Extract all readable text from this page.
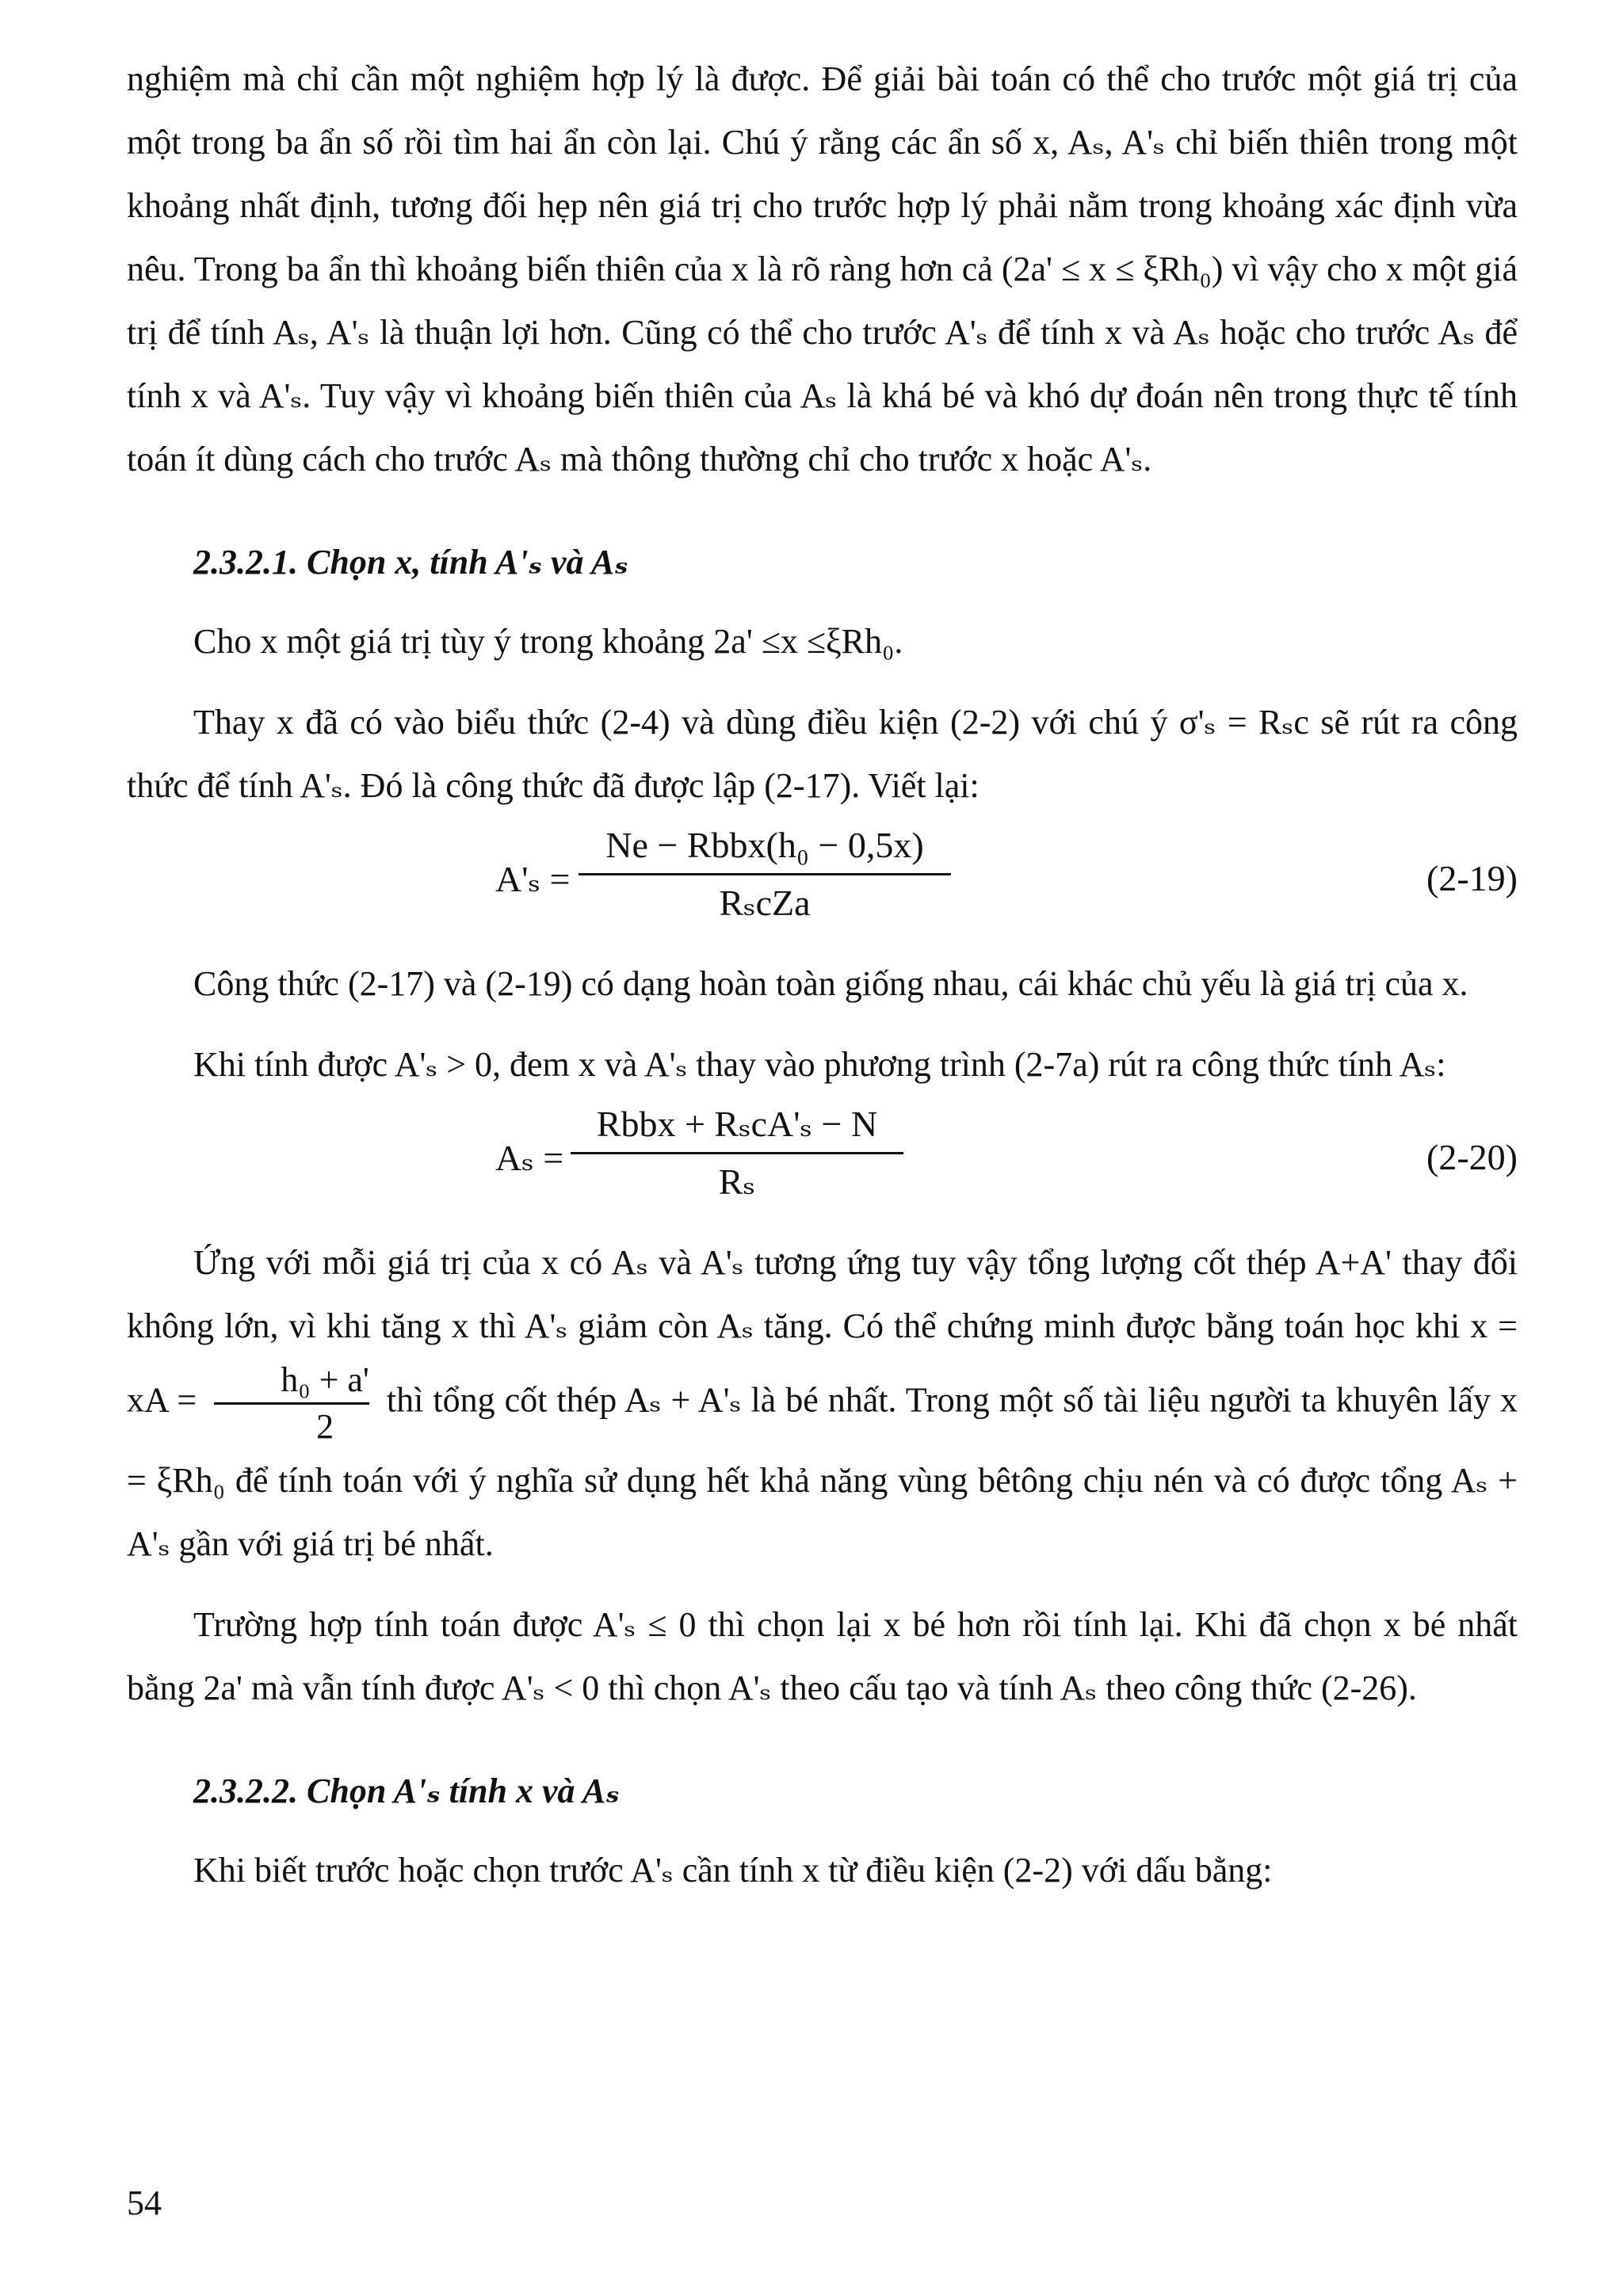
nghiệm mà chỉ cần một nghiệm hợp lý là được. Để giải bài toán có thể cho trước một giá trị của một trong ba ẩn số rồi tìm hai ẩn còn lại. Chú ý rằng các ẩn số x, Aₛ, A'ₛ chỉ biến thiên trong một khoảng nhất định, tương đối hẹp nên giá trị cho trước hợp lý phải nằm trong khoảng xác định vừa nêu. Trong ba ẩn thì khoảng biến thiên của x là rõ ràng hơn cả (2a' ≤ x ≤ ξRh₀) vì vậy cho x một giá trị để tính Aₛ, A'ₛ là thuận lợi hơn. Cũng có thể cho trước A'ₛ để tính x và Aₛ hoặc cho trước Aₛ để tính x và A'ₛ. Tuy vậy vì khoảng biến thiên của Aₛ là khá bé và khó dự đoán nên trong thực tế tính toán ít dùng cách cho trước Aₛ mà thông thường chỉ cho trước x hoặc A'ₛ.

2.3.2.1. Chọn x, tính A'ₛ và Aₛ

Cho x một giá trị tùy ý trong khoảng 2a' ≤x ≤ξRh₀.

Thay x đã có vào biểu thức (2-4) và dùng điều kiện (2-2) với chú ý σ'ₛ = Rₛc sẽ rút ra công thức để tính A'ₛ. Đó là công thức đã được lập (2-17). Viết lại:

A'ₛ =
Ne − Rbbx(h₀ − 0,5x)
RₛcZa
(2-19)

Công thức (2-17) và (2-19) có dạng hoàn toàn giống nhau, cái khác chủ yếu là giá trị của x.

Khi tính được A'ₛ > 0, đem x và A'ₛ thay vào phương trình (2-7a) rút ra công thức tính Aₛ:

Aₛ =
Rbbx + RₛcA'ₛ − N
Rₛ
(2-20)

Ứng với mỗi giá trị của x có Aₛ và A'ₛ tương ứng tuy vậy tổng lượng cốt thép A+A' thay đổi không lớn, vì khi tăng x thì A'ₛ giảm còn Aₛ tăng. Có thể chứng minh được bằng toán học khi x = xA = $\frac{\text{h₀ + a'}}{2}$ thì tổng cốt thép Aₛ + A'ₛ là bé nhất. Trong một số tài liệu người ta khuyên lấy x = ξRh₀ để tính toán với ý nghĩa sử dụng hết khả năng vùng bêtông chịu nén và có được tổng Aₛ + A'ₛ gần với giá trị bé nhất.

Trường hợp tính toán được A'ₛ ≤ 0 thì chọn lại x bé hơn rồi tính lại. Khi đã chọn x bé nhất bằng 2a' mà vẫn tính được A'ₛ < 0 thì chọn A'ₛ theo cấu tạo và tính Aₛ theo công thức (2-26).

2.3.2.2. Chọn A'ₛ tính x và Aₛ

Khi biết trước hoặc chọn trước A'ₛ cần tính x từ điều kiện (2-2) với dấu bằng:

54
